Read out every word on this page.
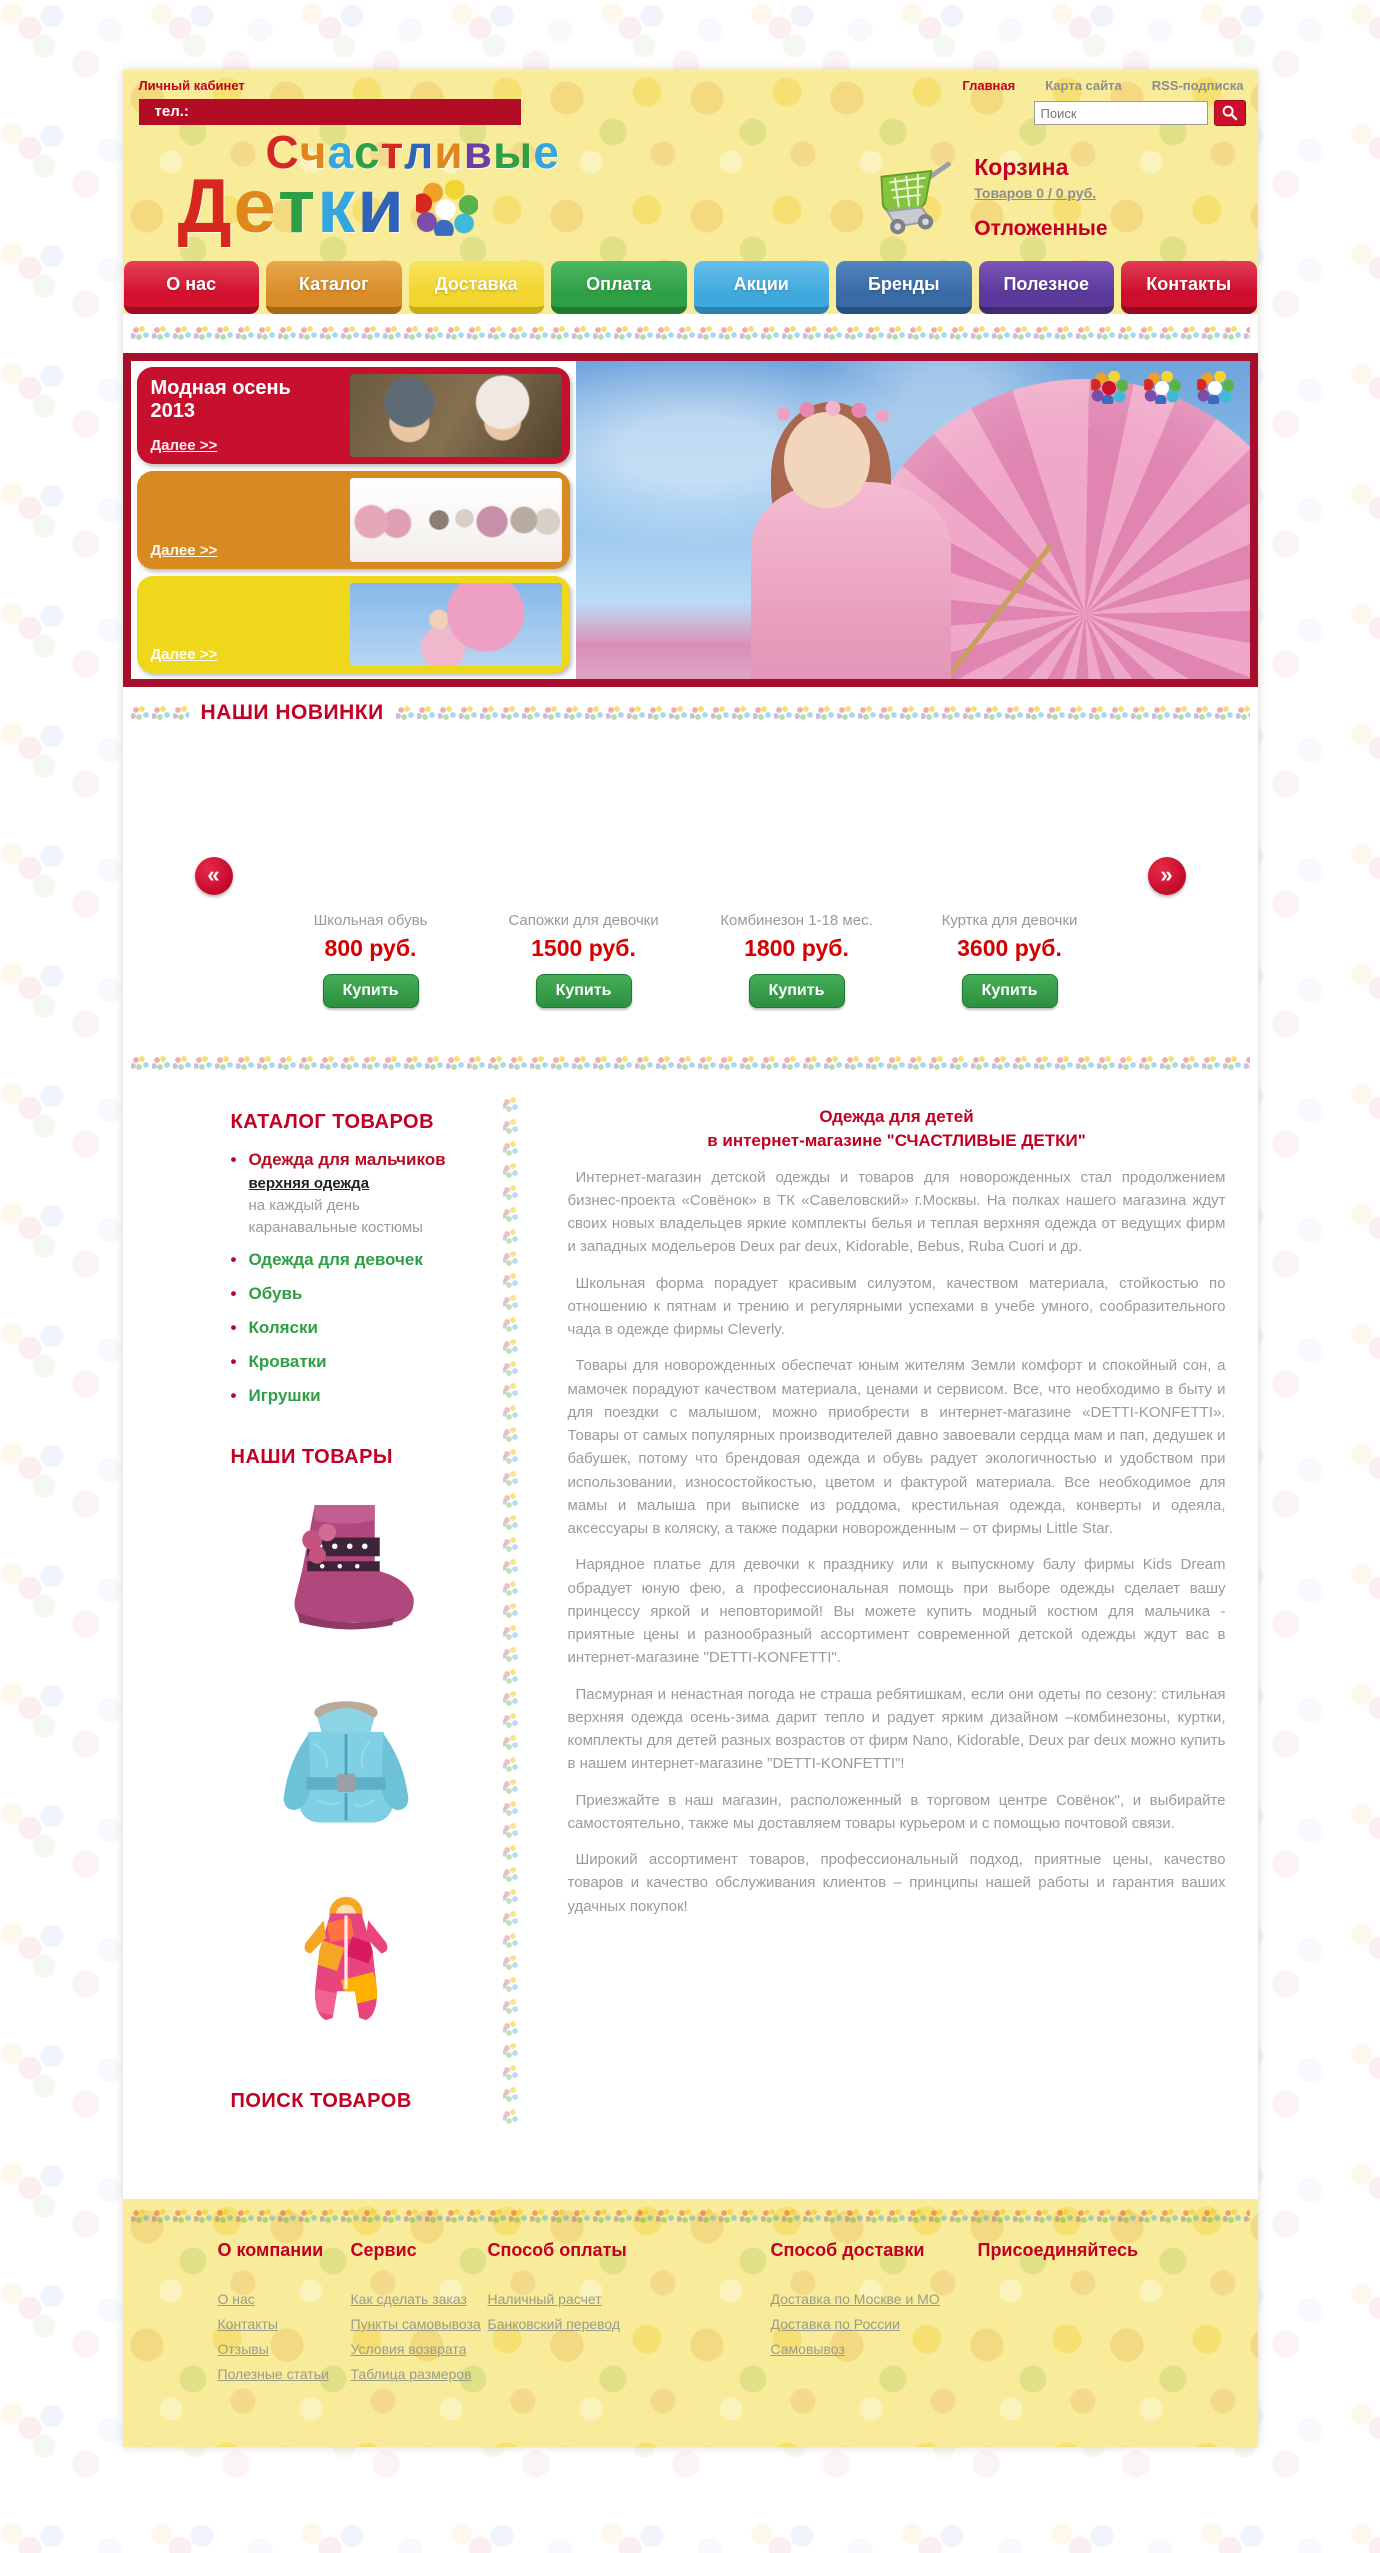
Личный кабинет	Главная Карта сайта RSS-подписка
тел.:
Поиск
Счастливые
Детки	Корзина
Товаров 0 / 0 руб.
Отложенные
О нас	Каталог	Доставка	Оплата	Акции	Бренды	Полезное	Контакты
Модная осень 2013
Далее >>
Далее >>
Далее >>
НАШИ НОВИНКИ
«
Школьная обувь
800 руб.
Купить
Сапожки для девочки
1500 руб.
Купить
Комбинезон 1-18 мес.
1800 руб.
Купить
Куртка для девочки
3600 руб.
Купить
»
КАТАЛОГ ТОВАРОВ
• Одежда для мальчиков
верхняя одежда
на каждый день
каранавальные костюмы
• Одежда для девочек
• Обувь
• Коляски
• Кроватки
• Игрушки
НАШИ ТОВАРЫ
ПОИСК ТОВАРОВ
Одежда для детей
в интернет-магазине "СЧАСТЛИВЫЕ ДЕТКИ"

Интернет-магазин детской одежды и товаров для новорожденных стал продолжением бизнес-проекта «Совёнок» в ТК «Савеловский» г.Москвы. На полках нашего магазина ждут своих новых владельцев яркие комплекты белья и теплая верхняя одежда от ведущих фирм и западных модельеров Deux par deux, Kidorable, Bebus, Ruba Cuori и др.

Школьная форма порадует красивым силуэтом, качеством материала, стойкостью по отношению к пятнам и трению и регулярными успехами в учебе умного, сообразительного чада в одежде фирмы Cleverly.

Товары для новорожденных обеспечат юным жителям Земли комфорт и спокойный сон, а мамочек порадуют качеством материала, ценами и сервисом. Все, что необходимо в быту и для поездки с малышом, можно приобрести в интернет-магазине «DETTI-KONFETTI». Товары от самых популярных производителей давно завоевали сердца мам и пап, дедушек и бабушек, потому что брендовая одежда и обувь радует экологичностью и удобством при использовании, износостойкостью, цветом и фактурой материала. Все необходимое для мамы и малыша при выписке из роддома, крестильная одежда, конверты и одеяла, аксессуары в коляску, а также подарки новорожденным – от фирмы Little Star.

Нарядное платье для девочки к празднику или к выпускному балу фирмы Kids Dream обрадует юную фею, а профессиональная помощь при выборе одежды сделает вашу принцессу яркой и неповторимой! Вы можете купить модный костюм для мальчика - приятные цены и разнообразный ассортимент современной детской одежды ждут вас в интернет-магазине "DETTI-KONFETTI".

Пасмурная и ненастная погода не страша ребятишкам, если они одеты по сезону: стильная верхняя одежда осень-зима дарит тепло и радует ярким дизайном –комбинезоны, куртки, комплекты для детей разных возрастов от фирм Nano, Kidorable, Deux par deux можно купить в нашем интернет-магазине "DETTI-KONFETTI"!

Приезжайте в наш магазин, расположенный в торговом центре Совёнок", и выбирайте самостоятельно, также мы доставляем товары курьером и с помощью почтовой связи.

Широкий ассортимент товаров, профессиональный подход, приятные цены, качество товаров и качество обслуживания клиентов – принципы нашей работы и гарантия ваших удачных покупок!

О компании
О нас
Контакты
Отзывы
Полезные статьи
Сервис
Как сделать заказ
Пункты самовывоза
Условия возврата
Таблица размеров
Способ оплаты
Наличный расчет
Банковский перевод
Способ доставки
Доставка по Москве и МО
Доставка по России
Самовывоз
Присоединяйтесь
